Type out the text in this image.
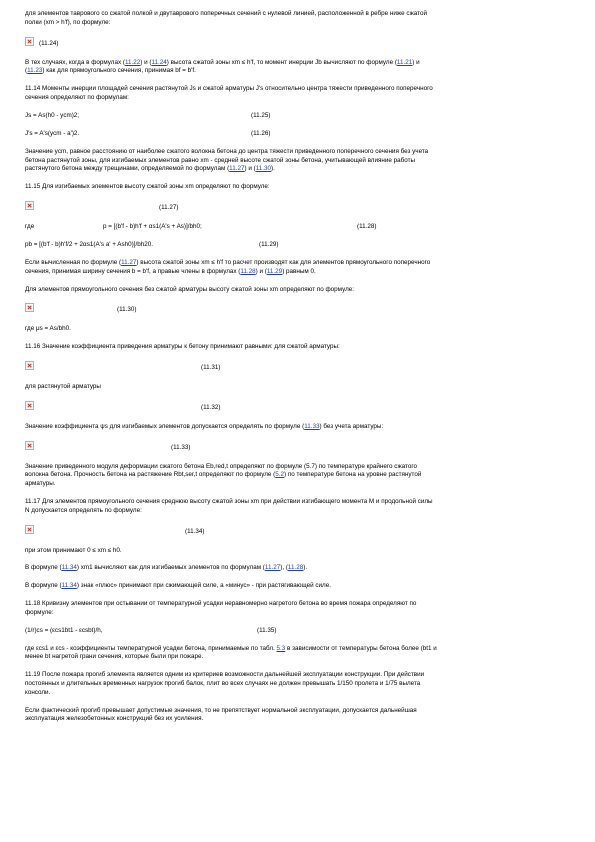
для элементов таврового со сжатой полкой и двутаврового поперечных сечений с нулевой линией, расположенной в ребре ниже сжатой
полки (xm > h'f), по формуле:

(11.24)

В тех случаях, когда в формулах (11.22) и (11.24) высота сжатой зоны xm ≤ h'f, то момент инерции Jb вычисляют по формуле (11.21) и
(11.23) как для прямоугольного сечения, принимая bf = b'f.

11.14 Моменты инерции площадей сечения растянутой Js и сжатой арматуры J's относительно центра тяжести приведенного поперечного
сечения определяют по формулам:

Js = As(h0 - ycm)2;	(11.25)
J's = A's(ycm - a')2.	(11.26)

Значение ycm, равное расстоянию от наиболее сжатого волокна бетона до центра тяжести приведенного поперечного сечения без учета
бетона растянутой зоны, для изгибаемых элементов равно xm - средней высоте сжатой зоны бетона, учитывающей влияние работы
растянутого бетона между трещинами, определяемой по формулам (11.27) и (11.30).

11.15 Для изгибаемых элементов высоту сжатой зоны xm определяют по формуле:

(11.27)
где	р = [(b'f - b)h'f + αs1(A's + As)]/bh0;	(11.28)
pb = [(b'f - b)h'f/2 + 2αs1(A's a' + Ash0)]/bh20.	(11.29)

Если вычисленная по формуле (11.27) высота сжатой зоны xm ≤ h'f то расчет производят как для элементов прямоугольного поперечного
сечения, принимая ширину сечения b = b'f, а правые члены в формулах (11.28) и (11.29) равным 0.

Для элементов прямоугольного сечения без сжатой арматуры высоту сжатой зоны xm определяют по формуле:

(11.30)

где μs = As/bh0.

11.16 Значение коэффициента приведения арматуры к бетону принимают равными: для сжатой арматуры:

(11.31)

для растянутой арматуры

(11.32)

Значение коэффициента ψs для изгибаемых элементов допускается определять по формуле (11.33) без учета арматуры:

(11.33)

Значение приведенного модуля деформации сжатого бетона Eb,red,t определяют по формуле (5.7) по температуре крайнего сжатого
волокна бетона. Прочность бетона на растяжение Rbt,ser,t определяют по формуле (5.2) по температуре бетона на уровне растянутой
арматуры.

11.17 Для элементов прямоугольного сечения среднюю высоту сжатой зоны xm при действии изгибающего момента M и продольной силы
N допускается определять по формуле:

(11.34)

при этом принимают 0 ≤ xm ≤ h0.

В формуле (11.34) xm1 вычисляют как для изгибаемых элементов по формулам (11.27), (11.28).

В формуле (11.34) знак «плюс» принимают при сжимающей силе, а «минус» - при растягивающей силе.

11.18 Кривизну элементов при остывании от температурной усадки неравномерно нагретого бетона во время пожара определяют по
формуле:

(1/r)cs = (εcs1bt1 - εcsbt)/h,	(11.35)

где εcs1 и εcs - коэффициенты температурной усадки бетона, принимаемые по табл. 5.3 в зависимости от температуры бетона более (bt1 и
менее bt нагретой грани сечения, которые были при пожаре.

11.19 После пожара прогиб элемента является одним из критериев возможности дальнейшей эксплуатации конструкции. При действии
постоянных и длительных временных нагрузок прогиб балок, плит во всех случаях не должен превышать 1/150 пролета и 1/75 вылета
консоли.

Если фактический прогиб превышает допустимые значения, то не препятствует нормальной эксплуатации, допускается дальнейшая
эксплуатация железобетонных конструкций без их усиления.
